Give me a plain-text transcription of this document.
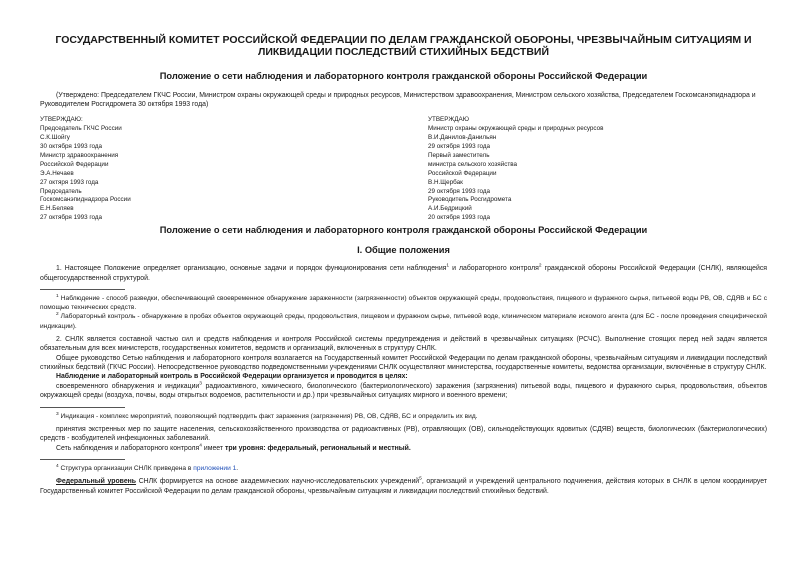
ГОСУДАРСТВЕННЫЙ КОМИТЕТ РОССИЙСКОЙ ФЕДЕРАЦИИ ПО ДЕЛАМ ГРАЖДАНСКОЙ ОБОРОНЫ, ЧРЕЗВЫЧАЙНЫМ СИТУАЦИЯМ И ЛИКВИДАЦИИ ПОСЛЕДСТВИЙ СТИХИЙНЫХ БЕДСТВИЙ
Положение о сети наблюдения и лабораторного контроля гражданской обороны Российской Федерации

(Утверждено: Председателем ГКЧС России, Министром охраны окружающей среды и природных ресурсов, Министерством здравоохранения, Министром сельского хозяйства, Председателем Госкомсанэпиднадзора и Руководителем Росгидромета 30 октября 1993 года)

УТВЕРЖДАЮ:
Председатель ГКЧС России
С.К.Шойгу
30 октября 1993 года
Министр здравоохранения
Российской Федерации
Э.А.Нечаев
27 октяря 1993 года
Председатель
Госкомсанэпиднадзора России
Е.Н.Беляев
27 октября 1993 года
УТВЕРЖДАЮ
Министр охраны окружающей среды и природных ресурсов
В.И.Данилов-Данильян
29 октября 1993 года
Первый заместитель
министра сельского хозяйства
Российской Федерации
В.Н.Щербак
29 октября 1993 года
Руководитель Росгидромета
А.И.Бедрицкий
20 октября 1993 года
Положение о сети наблюдения и лабораторного контроля гражданской обороны Российской Федерации
I. Общие положения

1. Настоящее Положение определяет организацию, основные задачи и порядок функционирования сети наблюдения$^1$ и лабораторного контроля$^2$ гражданской обороны Российской Федерации (СНЛК), являющейся общегосударственной структурой.

$^1$ Наблюдение - способ разведки, обеспечивающий своевременное обнаружение зараженности (загрязненности) объектов окружающей среды, продовольствия, пищевого и фуражного сырья, питьевой воды РВ, ОВ, СДЯВ и БС с помощью технических средств.

$^2$ Лабораторный контроль - обнаружение в пробах объектов окружающей среды, продовольствия, пищевом и фуражном сырье, питьевой воде, клиническом материале искомого агента (для БС - после проведения специфической индикации).

2. СНЛК является составной частью сил и средств наблюдения и контроля Российской системы предупреждения и действий в чрезвычайных ситуациях (РСЧС). Выполнение стоящих перед ней задач является обязательным для всех министерств, государственных комитетов, ведомств и организаций, включенных в структуру СНЛК.

Общее руководство Сетью наблюдения и лабораторного контроля возлагается на Государственный комитет Российской Федерации по делам гражданской обороны, чрезвычайным ситуациям и ликвидации последствий стихийных бедствий (ГКЧС России). Непосредственное руководство подведомственными учреждениями СНЛК осуществляют министерства, государственные комитеты, ведомства организации, включённые в структуру СНЛК.

Наблюдение и лабораторный контроль в Российской Федерации организуется и проводится в целях:

своевременного обнаружения и индикации$^3$ радиоактивного, химического, биологического (бактериологического) заражения (загрязнения) питьевой воды, пищевого и фуражного сырья, продовольствия, объектов окружающей среды (воздуха, почвы, воды открытых водоемов, растительности и др.) при чрезвычайных ситуациях мирного и военного времени;

$^3$ Индикация - комплекс мероприятий, позволяющий подтвердить факт заражения (загрязнения) РВ, ОВ, СДЯВ, БС и определить их вид.

принятия экстренных мер по защите населения, сельскохозяйственного производства от радиоактивных (РВ), отравляющих (ОВ), сильнодействующих ядовитых (СДЯВ) веществ, биологических (бактериологических) средств - возбудителей инфекционных заболеваний.

Сеть наблюдения и лабораторного контроля$^4$ имеет три уровня: федеральный, региональный и местный.

$^4$ Структура организации СНЛК приведена в приложении 1.

Федеральный уровень СНЛК формируется на основе академических научно-исследовательских учреждений$^5$, организаций и учреждений центрального подчинения, действия которых в СНЛК в целом координирует Государственный комитет Российской Федерации по делам гражданской обороны, чрезвычайным ситуациям и ликвидации последствий стихийных бедствий.
